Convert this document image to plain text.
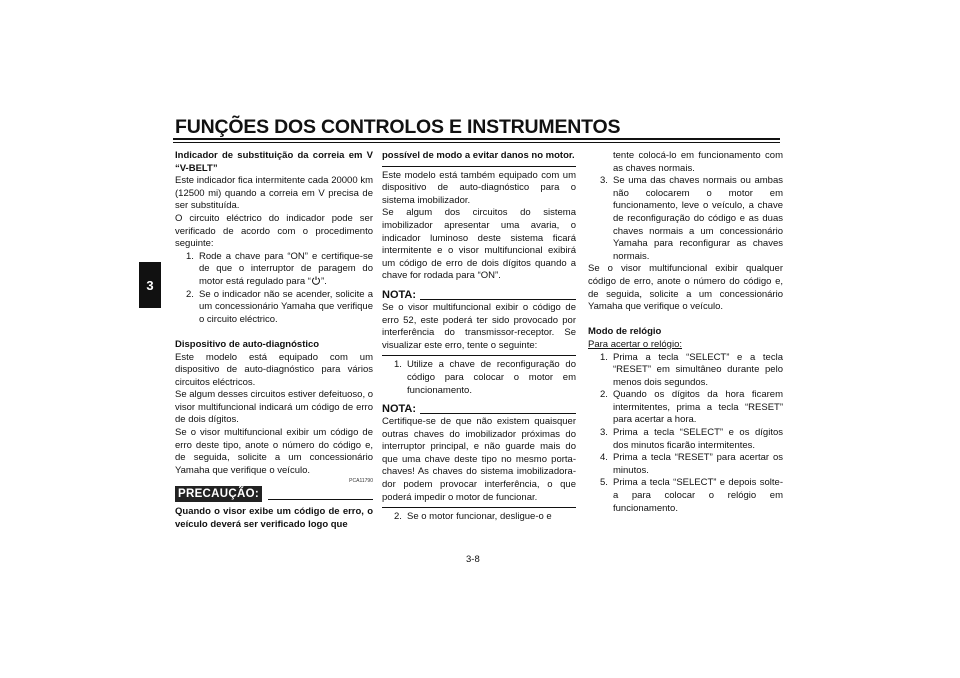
FUNÇÕES DOS CONTROLOS E INSTRUMENTOS
3

Indicador de substituição da correia em V “V-BELT”

Este indicador fica intermitente cada 20000 km (12500 mi) quando a correia em V precisa de ser substituída.

O circuito eléctrico do indicador pode ser verificado de acordo com o procedimento seguinte:

1. Rode a chave para “ON” e certifique-se de que o interruptor de paragem do motor está regulado para “ ”.
2. Se o indicador não se acender, solicite a um concessionário Yamaha que verifique o circuito eléctrico.

Dispositivo de auto-diagnóstico

Este modelo está equipado com um dispositivo de auto-diagnóstico para vários circuitos eléctricos.

Se algum desses circuitos estiver defeituoso, o visor multifuncional indicará um código de erro de dois dígitos.

Se o visor multifuncional exibir um código de erro deste tipo, anote o número do código e, de seguida, solicite a um concessionário Yamaha que verifique o veículo.

PCA11790
PRECAUÇÃO:

Quando o visor exibe um código de erro, o veículo deverá ser verificado logo que

possível de modo a evitar danos no motor.

Este modelo está também equipado com um dispositivo de auto-diagnóstico para o sistema imobilizador.

Se algum dos circuitos do sistema imobilizador apresentar uma avaria, o indicador luminoso deste sistema ficará intermitente e o visor multifuncional exibirá um código de erro de dois dígitos quando a chave for rodada para “ON”.

NOTA:

Se o visor multifuncional exibir o código de erro 52, este poderá ter sido provocado por interferência do transmissor-receptor. Se visualizar este erro, tente o seguinte:

1. Utilize a chave de reconfiguração do código para colocar o motor em funcionamento.
NOTA:

Certifique-se de que não existem quaisquer outras chaves do imobilizador próximas do interruptor principal, e não guarde mais do que uma chave deste tipo no mesmo porta-chaves! As chaves do sistema imobilizadora- dor podem provocar interferência, o que poderá impedir o motor de funcionar.

2. Se o motor funcionar, desligue-o e
tente colocá-lo em funcionamento com as chaves normais.
3. Se uma das chaves normais ou ambas não colocarem o motor em funcionamento, leve o veículo, a chave de reconfiguração do código e as duas chaves normais a um concessionário Yamaha para reconfigurar as chaves normais.

Se o visor multifuncional exibir qualquer código de erro, anote o número do código e, de seguida, solicite a um concessionário Yamaha que verifique o veículo.

Modo de relógio

Para acertar o relógio:

1. Prima a tecla “SELECT” e a tecla “RESET” em simultâneo durante pelo menos dois segundos.
2. Quando os dígitos da hora ficarem intermitentes, prima a tecla “RESET” para acertar a hora.
3. Prima a tecla “SELECT” e os dígitos dos minutos ficarão intermitentes.
4. Prima a tecla “RESET” para acertar os minutos.
5. Prima a tecla “SELECT” e depois solte-a para colocar o relógio em funcionamento.
3-8
